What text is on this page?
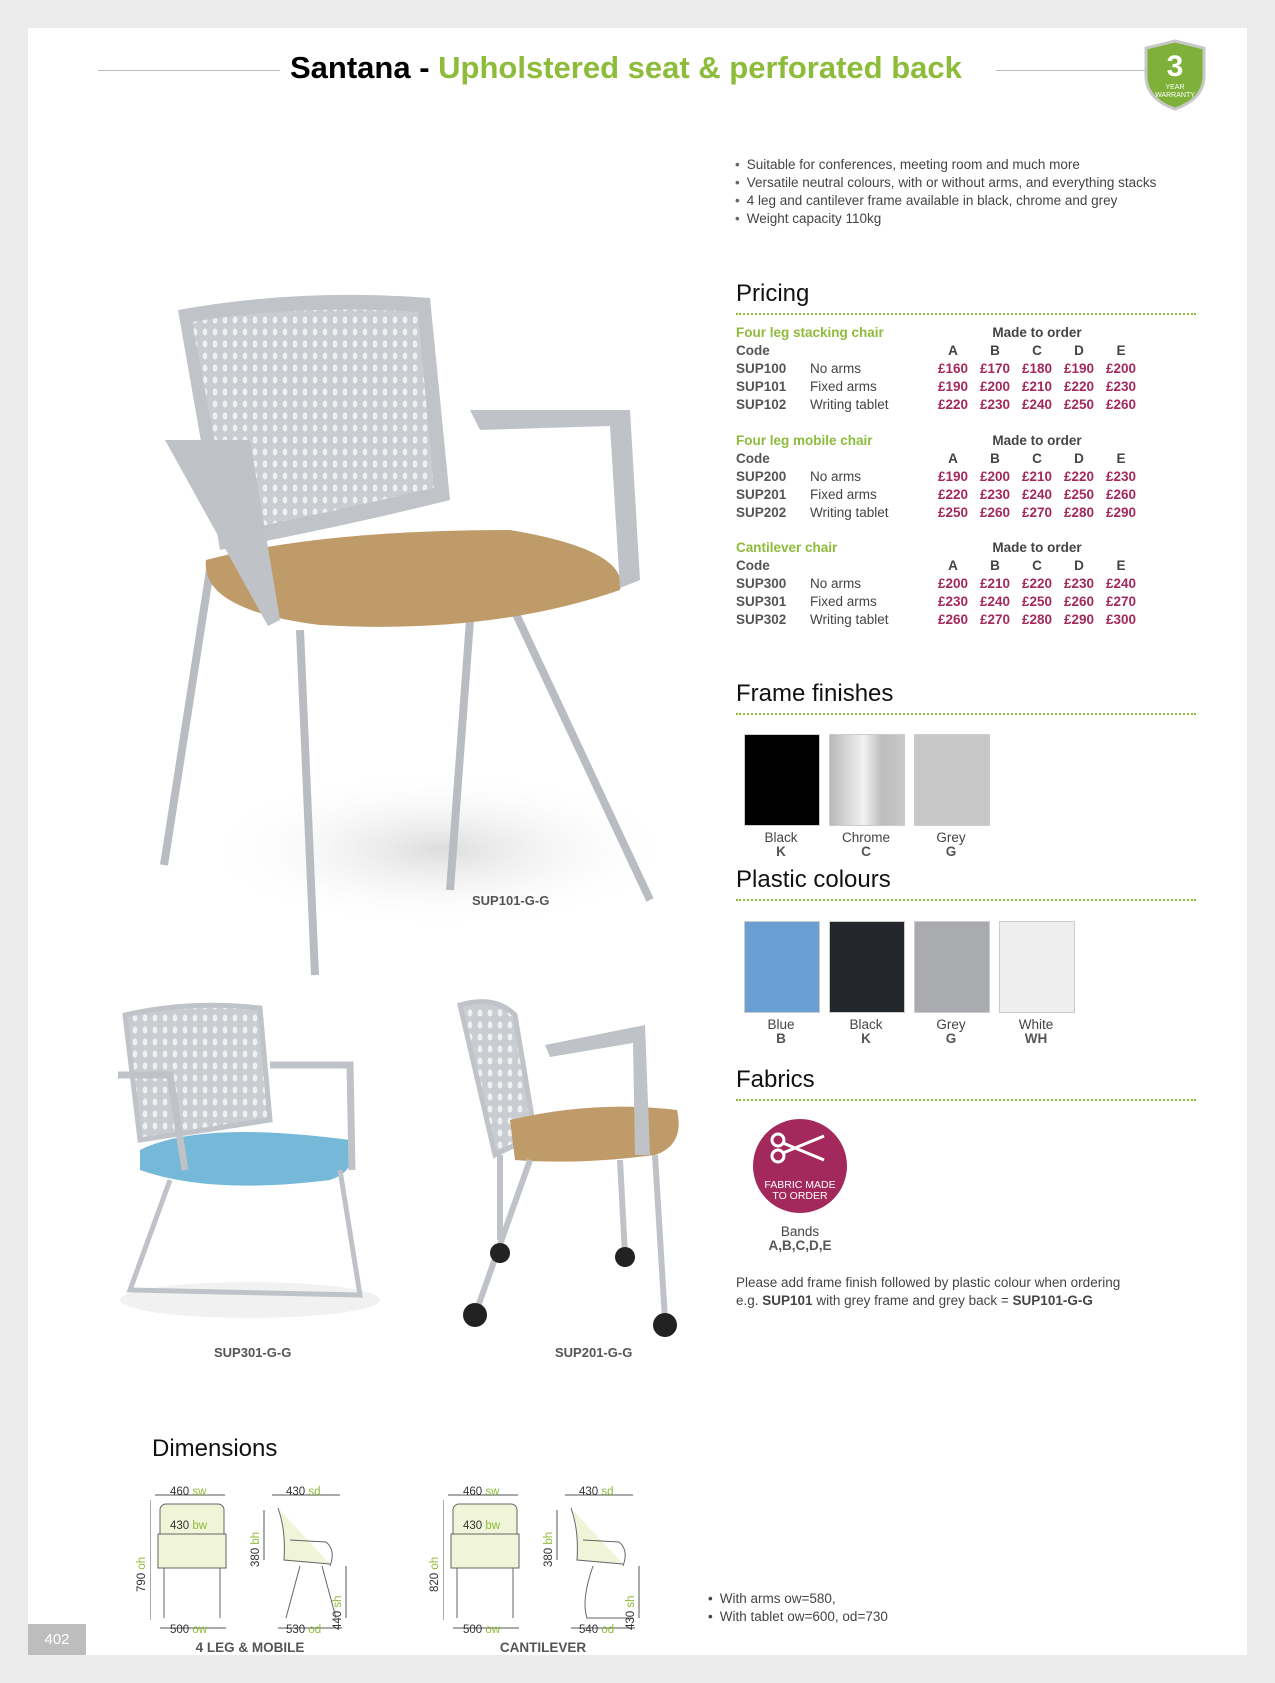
Santana - Upholstered seat & perforated back	3
YEAR
WARRANTY
• Suitable for conferences, meeting room and much more
• Versatile neutral colours, with or without arms, and everything stacks
• 4 leg and cantilever frame available in black, chrome and grey
• Weight capacity 110kg
Pricing
Four leg stacking chair		Made to order				
Code		A	B	C	D	E
SUP100	No arms	£160	£170	£180	£190	£200
SUP101	Fixed arms	£190	£200	£210	£220	£230
SUP102	Writing tablet	£220	£230	£240	£250	£260
Four leg mobile chair		Made to order				
Code		A	B	C	D	E
SUP200	No arms	£190	£200	£210	£220	£230
SUP201	Fixed arms	£220	£230	£240	£250	£260
SUP202	Writing tablet	£250	£260	£270	£280	£290
Cantilever chair		Made to order				
Code		A	B	C	D	E
SUP300	No arms	£200	£210	£220	£230	£240
SUP301	Fixed arms	£230	£240	£250	£260	£270
SUP302	Writing tablet	£260	£270	£280	£290	£300
Frame finishes
Black
K
Chrome
C
Grey
G
Plastic colours
Blue
B
Black
K
Grey
G
White
WH
Fabrics
FABRIC MADE
TO ORDER
Bands
A,B,C,D,E
Please add frame finish followed by plastic colour when ordering
e.g. SUP101 with grey frame and grey back = SUP101-G-G
SUP101-G-G
SUP301-G-G	SUP201-G-G
Dimensions
460 sw
430 bw
500 ow
430 sd
530 od
790 oh	380 bh
440 sh
4 LEG & MOBILE
460 sw
430 bw
500 ow
430 sd
540 od
820 oh	380 bh
430 sh
CANTILEVER
• With arms ow=580,
• With tablet ow=600, od=730
402
